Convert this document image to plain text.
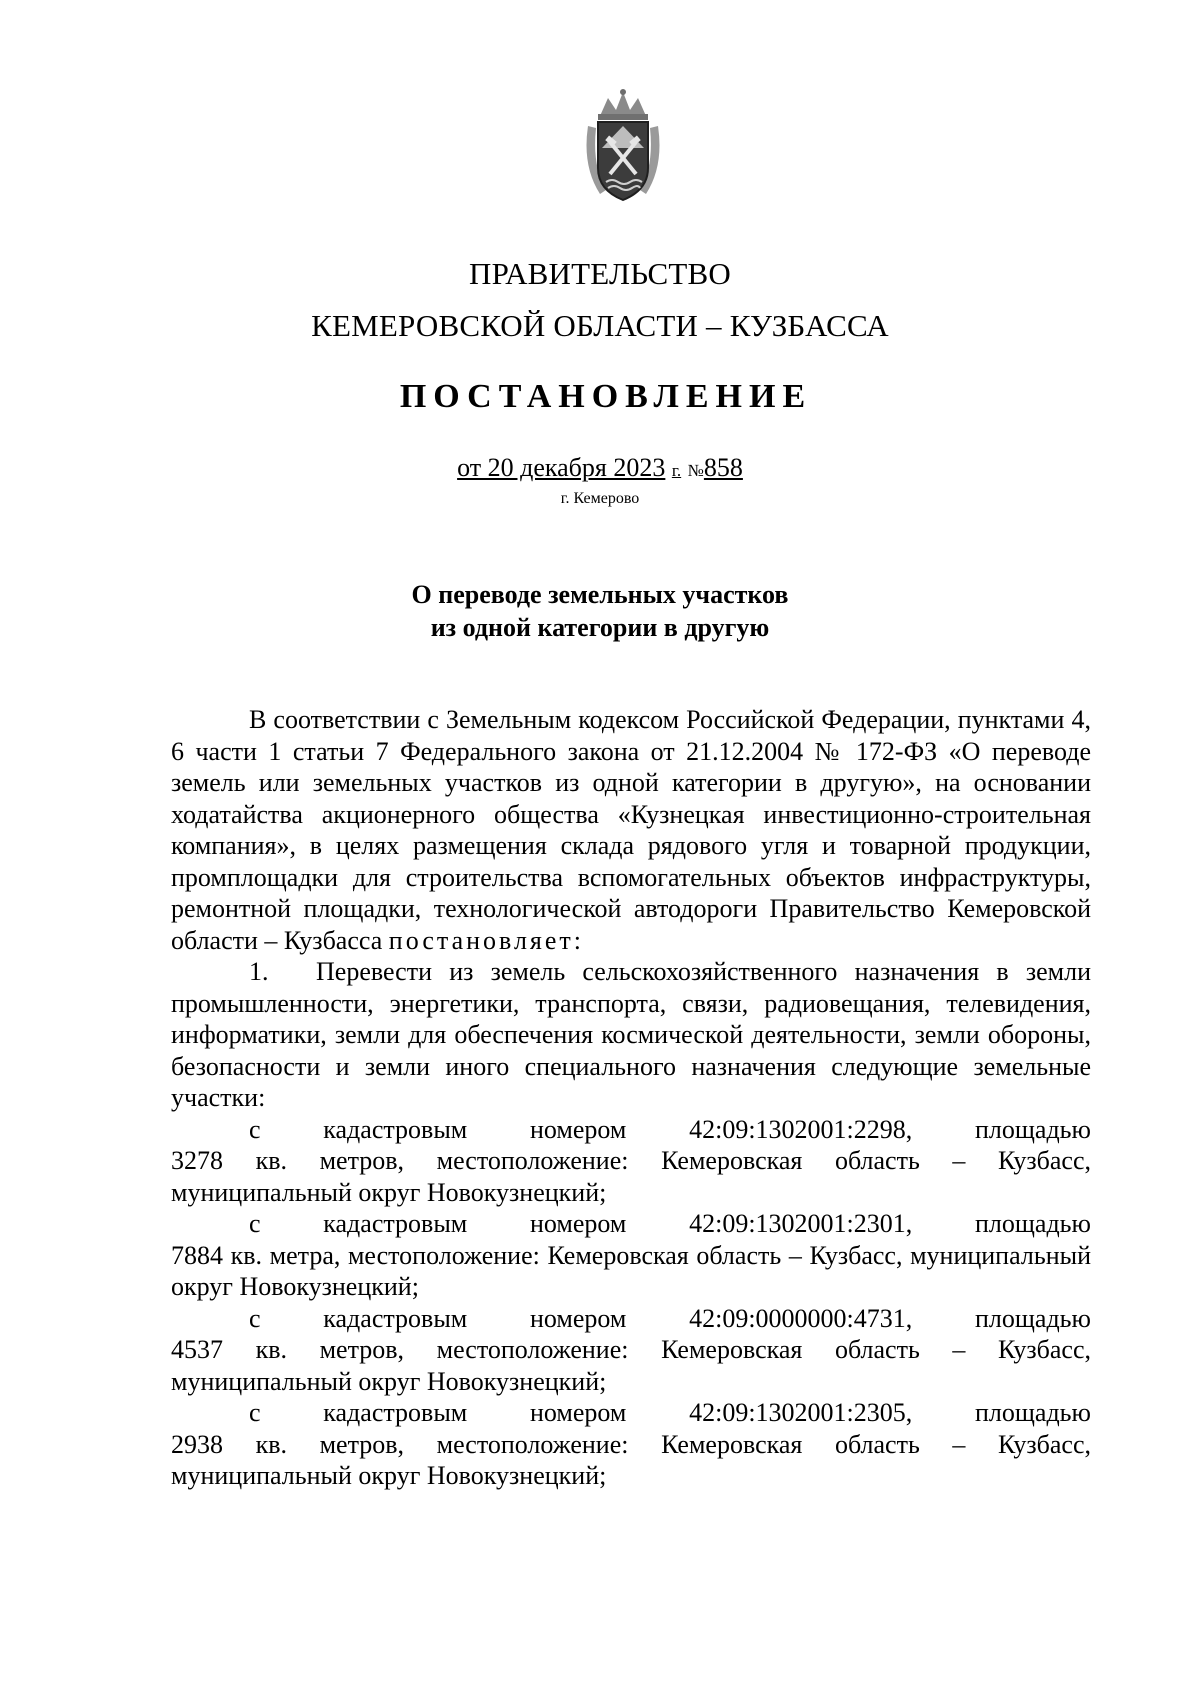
ПРАВИТЕЛЬСТВО
КЕМЕРОВСКОЙ ОБЛАСТИ – КУЗБАССА
ПОСТАНОВЛЕНИЕ
от 20 декабря 2023 г. №858
г. Кемерово
О переводе земельных участков
из одной категории в другую

В соответствии с Земельным кодексом Российской Федерации, пунктами 4, 6 части 1 статьи 7 Федерального закона от 21.12.2004 № 172-ФЗ «О переводе земель или земельных участков из одной категории в другую», на основании ходатайства акционерного общества «Кузнецкая инвестиционно-строительная компания», в целях размещения склада рядового угля и товарной продукции, промплощадки для строительства вспомогательных объектов инфраструктуры, ремонтной площадки, технологической автодороги Правительство Кемеровской области – Кузбасса постановляет:

1. Перевести из земель сельскохозяйственного назначения в земли промышленности, энергетики, транспорта, связи, радиовещания, телевидения, информатики, земли для обеспечения космической деятельности, земли обороны, безопасности и земли иного специального назначения следующие земельные участки:

с кадастровым номером 42:09:1302001:2298, площадью

3278 кв. метров, местоположение: Кемеровская область – Кузбасс, муниципальный округ Новокузнецкий;

с кадастровым номером 42:09:1302001:2301, площадью

7884 кв. метра, местоположение: Кемеровская область – Кузбасс, муниципальный округ Новокузнецкий;

с кадастровым номером 42:09:0000000:4731, площадью

4537 кв. метров, местоположение: Кемеровская область – Кузбасс, муниципальный округ Новокузнецкий;

с кадастровым номером 42:09:1302001:2305, площадью

2938 кв. метров, местоположение: Кемеровская область – Кузбасс, муниципальный округ Новокузнецкий;
